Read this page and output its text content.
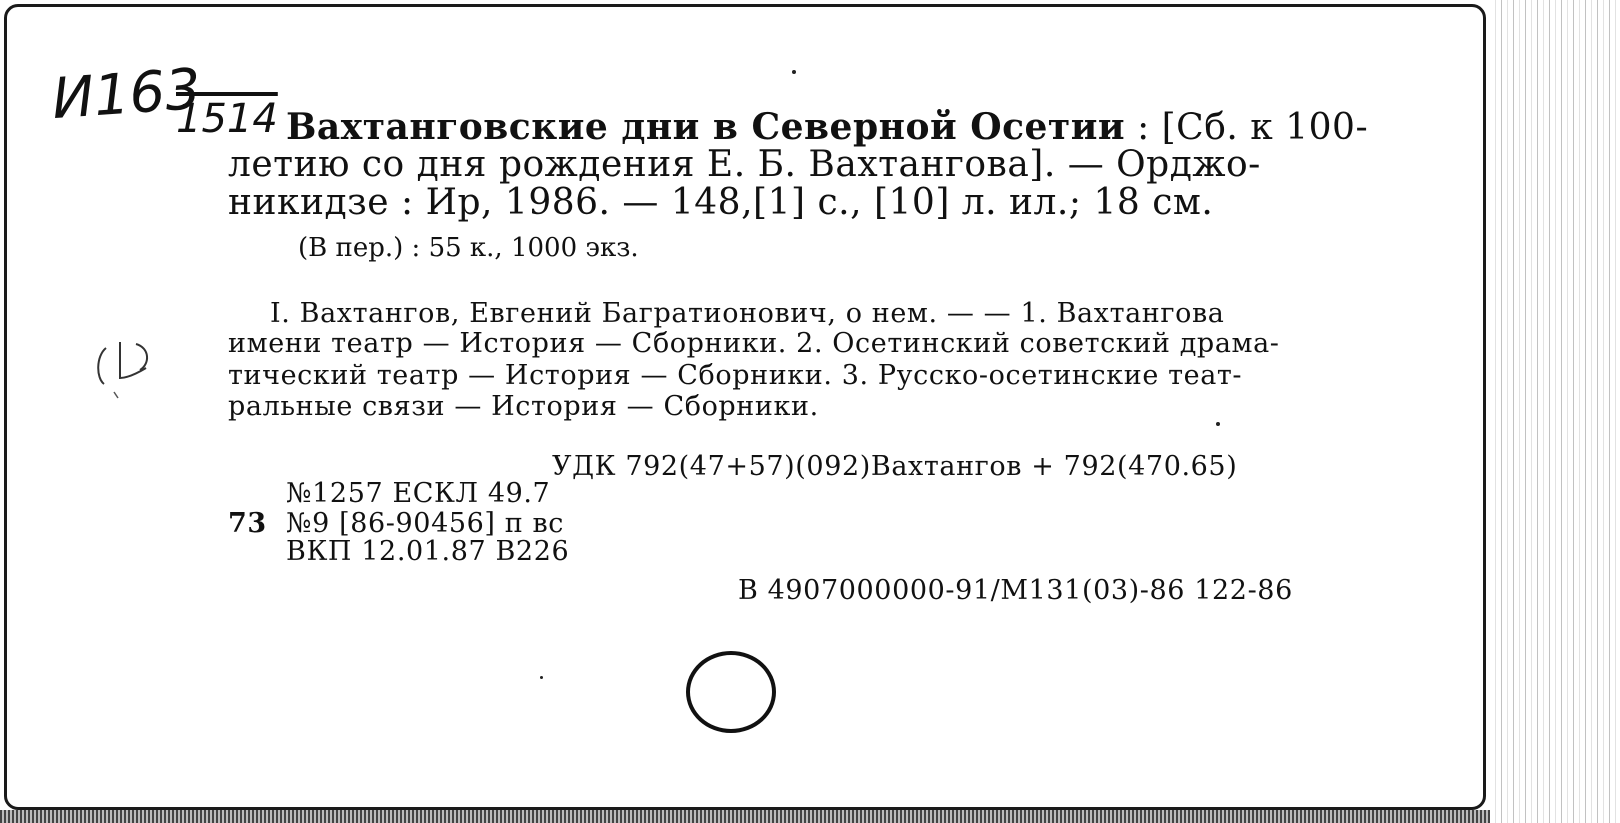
И163
1514 Вахтанговские дни в Северной Осетии : [Сб. к 100-
летию со дня рождения Е. Б. Вахтангова]. — Орджо-
никидзе : Ир, 1986. — 148,[1] с., [10] л. ил.; 18 см.
(В пер.) : 55 к., 1000 экз.
I. Вахтангов, Евгений Багратионович, о нем. — — 1. Вахтангова
имени театр — История — Сборники. 2. Осетинский советский драма-
тический театр — История — Сборники. 3. Русско-осетинские теат-
ральные связи — История — Сборники.
УДК 792(47+57)(092)Вахтангов + 792(470.65)
№1257 ЕСКЛ 49.7
73 №9 [86-90456] п вс
ВКП 12.01.87 В226
В 4907000000-91/М131(03)-86 122-86
